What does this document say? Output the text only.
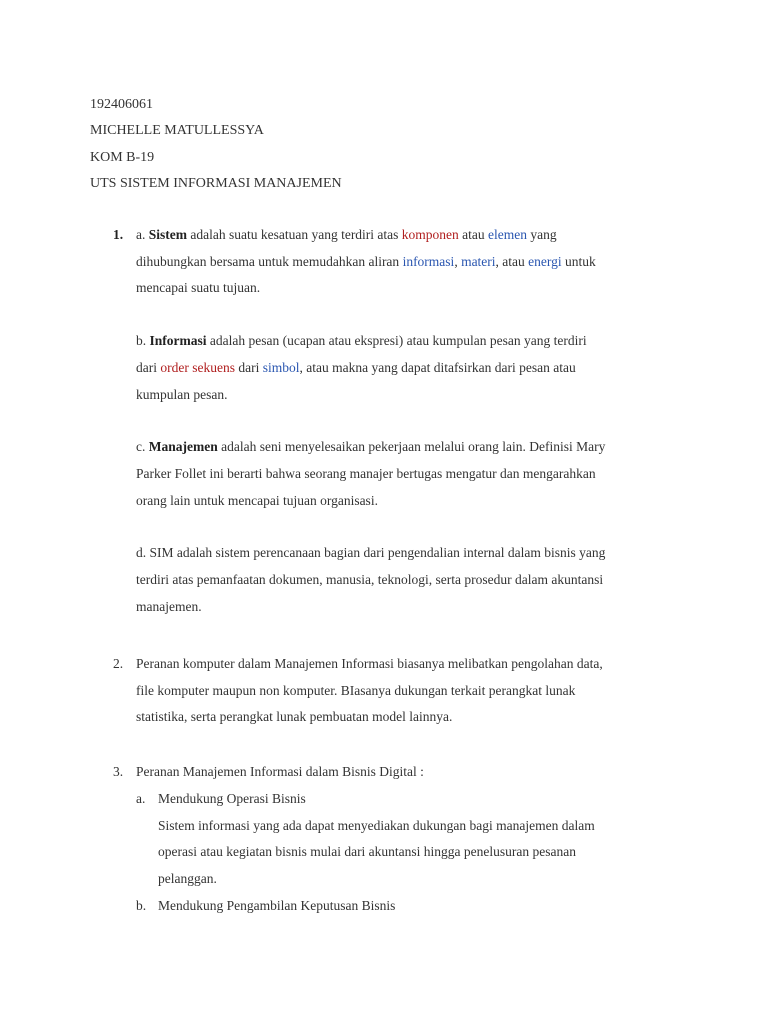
192406061
MICHELLE MATULLESSYA
KOM B-19
UTS SISTEM INFORMASI MANAJEMEN
1. a. Sistem adalah suatu kesatuan yang terdiri atas komponen atau elemen yang
dihubungkan bersama untuk memudahkan aliran informasi, materi, atau energi untuk
mencapai suatu tujuan.

b. Informasi adalah pesan (ucapan atau ekspresi) atau kumpulan pesan yang terdiri
dari order sekuens dari simbol, atau makna yang dapat ditafsirkan dari pesan atau
kumpulan pesan.

c. Manajemen adalah seni menyelesaikan pekerjaan melalui orang lain. Definisi Mary
Parker Follet ini berarti bahwa seorang manajer bertugas mengatur dan mengarahkan
orang lain untuk mencapai tujuan organisasi.

d. SIM adalah sistem perencanaan bagian dari pengendalian internal dalam bisnis yang
terdiri atas pemanfaatan dokumen, manusia, teknologi, serta prosedur dalam akuntansi
manajemen.

2. Peranan komputer dalam Manajemen Informasi biasanya melibatkan pengolahan data,
file komputer maupun non komputer. BIasanya dukungan terkait perangkat lunak
statistika, serta perangkat lunak pembuatan model lainnya.

3. Peranan Manajemen Informasi dalam Bisnis Digital :
a. Mendukung Operasi Bisnis
Sistem informasi yang ada dapat menyediakan dukungan bagi manajemen dalam
operasi atau kegiatan bisnis mulai dari akuntansi hingga penelusuran pesanan
pelanggan.
b. Mendukung Pengambilan Keputusan Bisnis
